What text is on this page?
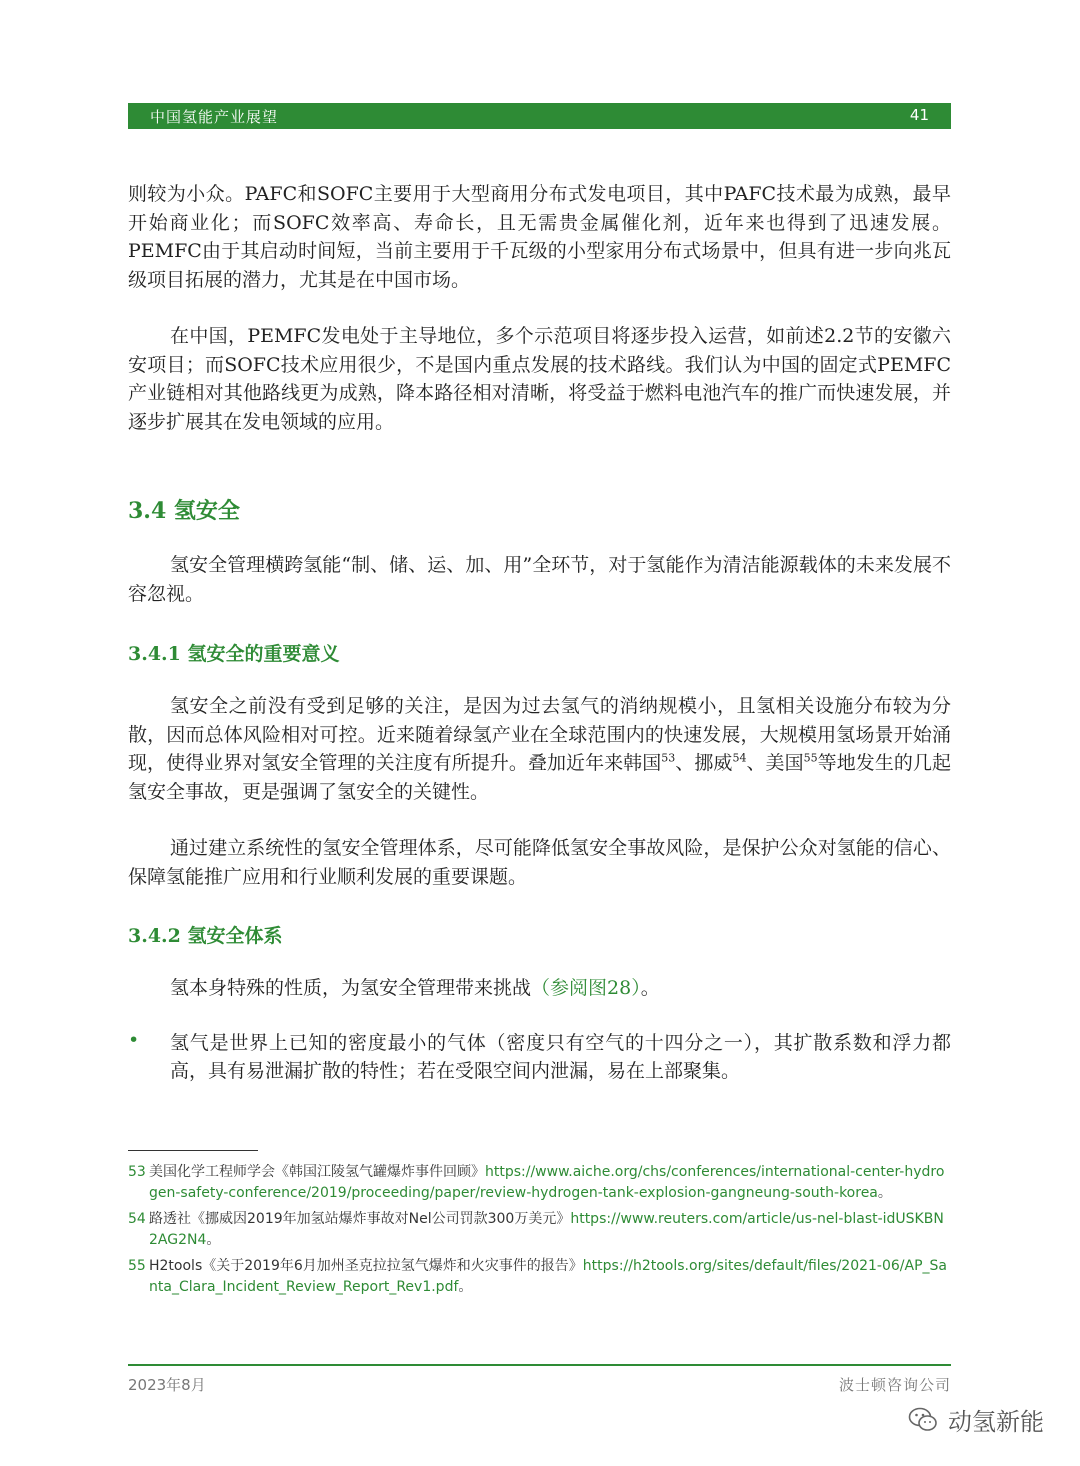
中国氢能产业展望	41

则较为小众。PAFC和SOFC主要用于大型商用分布式发电项目，其中PAFC技术最为成熟，最早开始商业化；而SOFC效率高、寿命长，且无需贵金属催化剂，近年来也得到了迅速发展。PEMFC由于其启动时间短，当前主要用于千瓦级的小型家用分布式场景中，但具有进一步向兆瓦级项目拓展的潜力，尤其是在中国市场。

在中国，PEMFC发电处于主导地位，多个示范项目将逐步投入运营，如前述2.2节的安徽六安项目；而SOFC技术应用很少，不是国内重点发展的技术路线。我们认为中国的固定式PEMFC产业链相对其他路线更为成熟，降本路径相对清晰，将受益于燃料电池汽车的推广而快速发展，并逐步扩展其在发电领域的应用。

3.4 氢安全

氢安全管理横跨氢能“制、储、运、加、用”全环节，对于氢能作为清洁能源载体的未来发展不容忽视。

3.4.1 氢安全的重要意义

氢安全之前没有受到足够的关注，是因为过去氢气的消纳规模小，且氢相关设施分布较为分散，因而总体风险相对可控。近来随着绿氢产业在全球范围内的快速发展，大规模用氢场景开始涌现，使得业界对氢安全管理的关注度有所提升。叠加近年来韩国$^{53}$、挪威$^{54}$、美国$^{55}$等地发生的几起氢安全事故，更是强调了氢安全的关键性。

通过建立系统性的氢安全管理体系，尽可能降低氢安全事故风险，是保护公众对氢能的信心、保障氢能推广应用和行业顺利发展的重要课题。

3.4.2 氢安全体系

氢本身特殊的性质，为氢安全管理带来挑战（参阅图28）。

• 氢气是世界上已知的密度最小的气体（密度只有空气的十四分之一），其扩散系数和浮力都高，具有易泄漏扩散的特性；若在受限空间内泄漏，易在上部聚集。

53 美国化学工程师学会《韩国江陵氢气罐爆炸事件回顾》https://www.aiche.org/chs/conferences/international-center-hydrogen-safety-conference/2019/proceeding/paper/review-hydrogen-tank-explosion-gangneung-south-korea。
54 路透社《挪威因2019年加氢站爆炸事故对Nel公司罚款300万美元》https://www.reuters.com/article/us-nel-blast-idUSKBN2AG2N4。
55 H2tools《关于2019年6月加州圣克拉拉氢气爆炸和火灾事件的报告》https://h2tools.org/sites/default/files/2021-06/AP_Santa_Clara_Incident_Review_Report_Rev1.pdf。
2023年8月	波士顿咨询公司
动氢新能
